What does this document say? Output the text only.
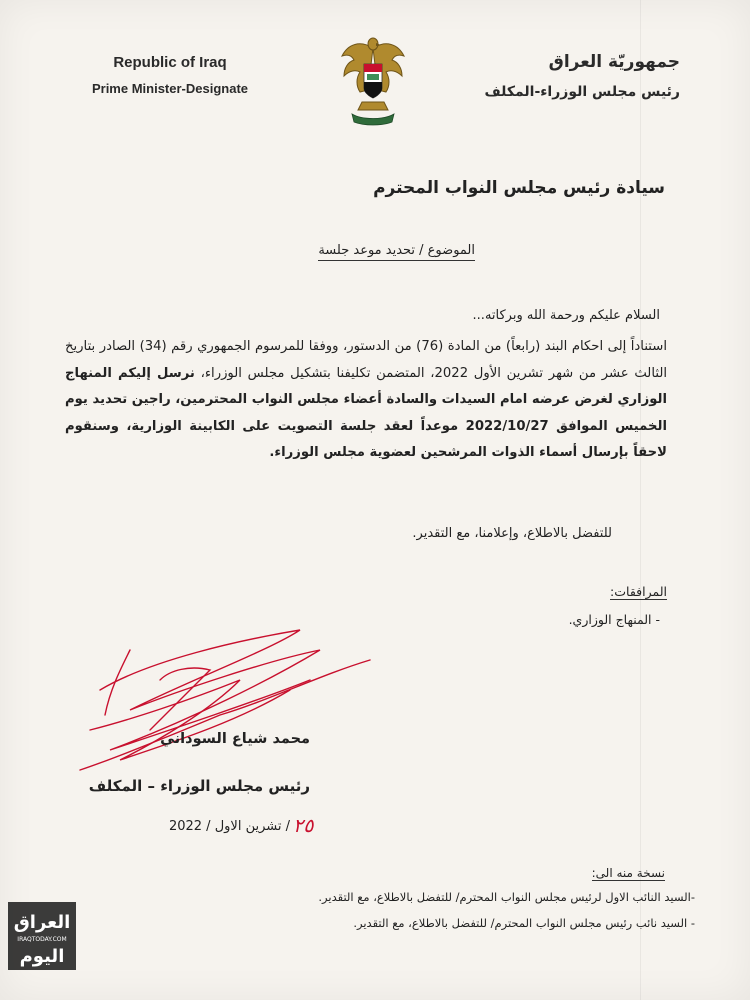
Republic of Iraq
Prime Minister-Designate
جمهوريّة العراق
رئيس مجلس الوزراء-المكلف
سيادة رئيس مجلس النواب المحترم
الموضوع / تحديد موعد جلسة
السلام عليكم ورحمة الله وبركاته...
استناداً إلى احكام البند (رابعاً) من المادة (76) من الدستور، ووفقا للمرسوم الجمهوري رقم (34) الصادر بتاريخ الثالث عشر من شهر تشرين الأول 2022، المتضمن تكليفنا بتشكيل مجلس الوزراء، نرسل إليكم المنهاج الوزاري لغرض عرضه امام السيدات والسادة أعضاء مجلس النواب المحترمين، راجين تحديد يوم الخميس الموافق 2022/10/27 موعداً لعقد جلسة التصويت على الكابينة الوزارية، وسنقوم لاحقاً بإرسال أسماء الذوات المرشحين لعضوية مجلس الوزراء.
للتفضل بالاطلاع، وإعلامنا، مع التقدير.
المرافقات:
- المنهاج الوزاري.
محمد شياع السوداني
رئيس مجلس الوزراء – المكلف
/ تشرين الاول / 2022 ٢٥
نسخة منه الى:
-السيد النائب الاول لرئيس مجلس النواب المحترم/ للتفضل بالاطلاع، مع التقدير.
- السيد نائب رئيس مجلس النواب المحترم/ للتفضل بالاطلاع، مع التقدير.
العراق
IRAQTODAY.COM
اليوم
